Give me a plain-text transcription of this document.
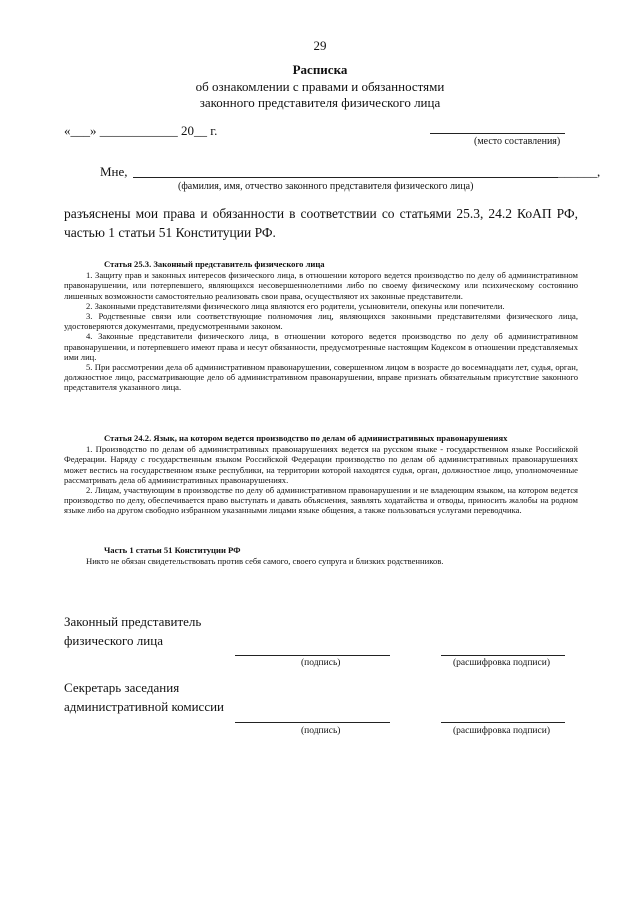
29
Расписка
об ознакомлении с правами и обязанностями
законного представителя физического лица
«___» ____________ 20__ г.
(место составления)
Мне,	______,
(фамилия, имя, отчество законного представителя физического лица)
разъяснены мои права и обязанности в соответствии со статьями 25.3, 24.2 КоАП РФ, частью 1 статьи 51 Конституции РФ.
Статья 25.3. Законный представитель физического лица

1. Защиту прав и законных интересов физического лица, в отношении которого ведется производство по делу об административном правонарушении, или потерпевшего, являющихся несовершеннолетними либо по своему физическому или психическому состоянию лишенных возможности самостоятельно реализовать свои права, осуществляют их законные представители.

2. Законными представителями физического лица являются его родители, усыновители, опекуны или попечители.

3. Родственные связи или соответствующие полномочия лиц, являющихся законными представителями физического лица, удостоверяются документами, предусмотренными законом.

4. Законные представители физического лица, в отношении которого ведется производство по делу об административном правонарушении, и потерпевшего имеют права и несут обязанности, предусмотренные настоящим Кодексом в отношении представляемых ими лиц.

5. При рассмотрении дела об административном правонарушении, совершенном лицом в возрасте до восемнадцати лет, судья, орган, должностное лицо, рассматривающие дело об административном правонарушении, вправе признать обязательным присутствие законного представителя указанного лица.

Статья 24.2. Язык, на котором ведется производство по делам об административных правонарушениях

1. Производство по делам об административных правонарушениях ведется на русском языке - государственном языке Российской Федерации. Наряду с государственным языком Российской Федерации производство по делам об административных правонарушениях может вестись на государственном языке республики, на территории которой находятся судья, орган, должностное лицо, уполномоченные рассматривать дела об административных правонарушениях.

2. Лицам, участвующим в производстве по делу об административном правонарушении и не владеющим языком, на котором ведется производство по делу, обеспечивается право выступать и давать объяснения, заявлять ходатайства и отводы, приносить жалобы на родном языке либо на другом свободно избранном указанными лицами языке общения, а также пользоваться услугами переводчика.

Часть 1 статьи 51 Конституции РФ

Никто не обязан свидетельствовать против себя самого, своего супруга и близких родственников.

Законный представитель
физического лица
(подпись)	(расшифровка подписи)
Секретарь заседания
административной комиссии
(подпись)	(расшифровка подписи)
